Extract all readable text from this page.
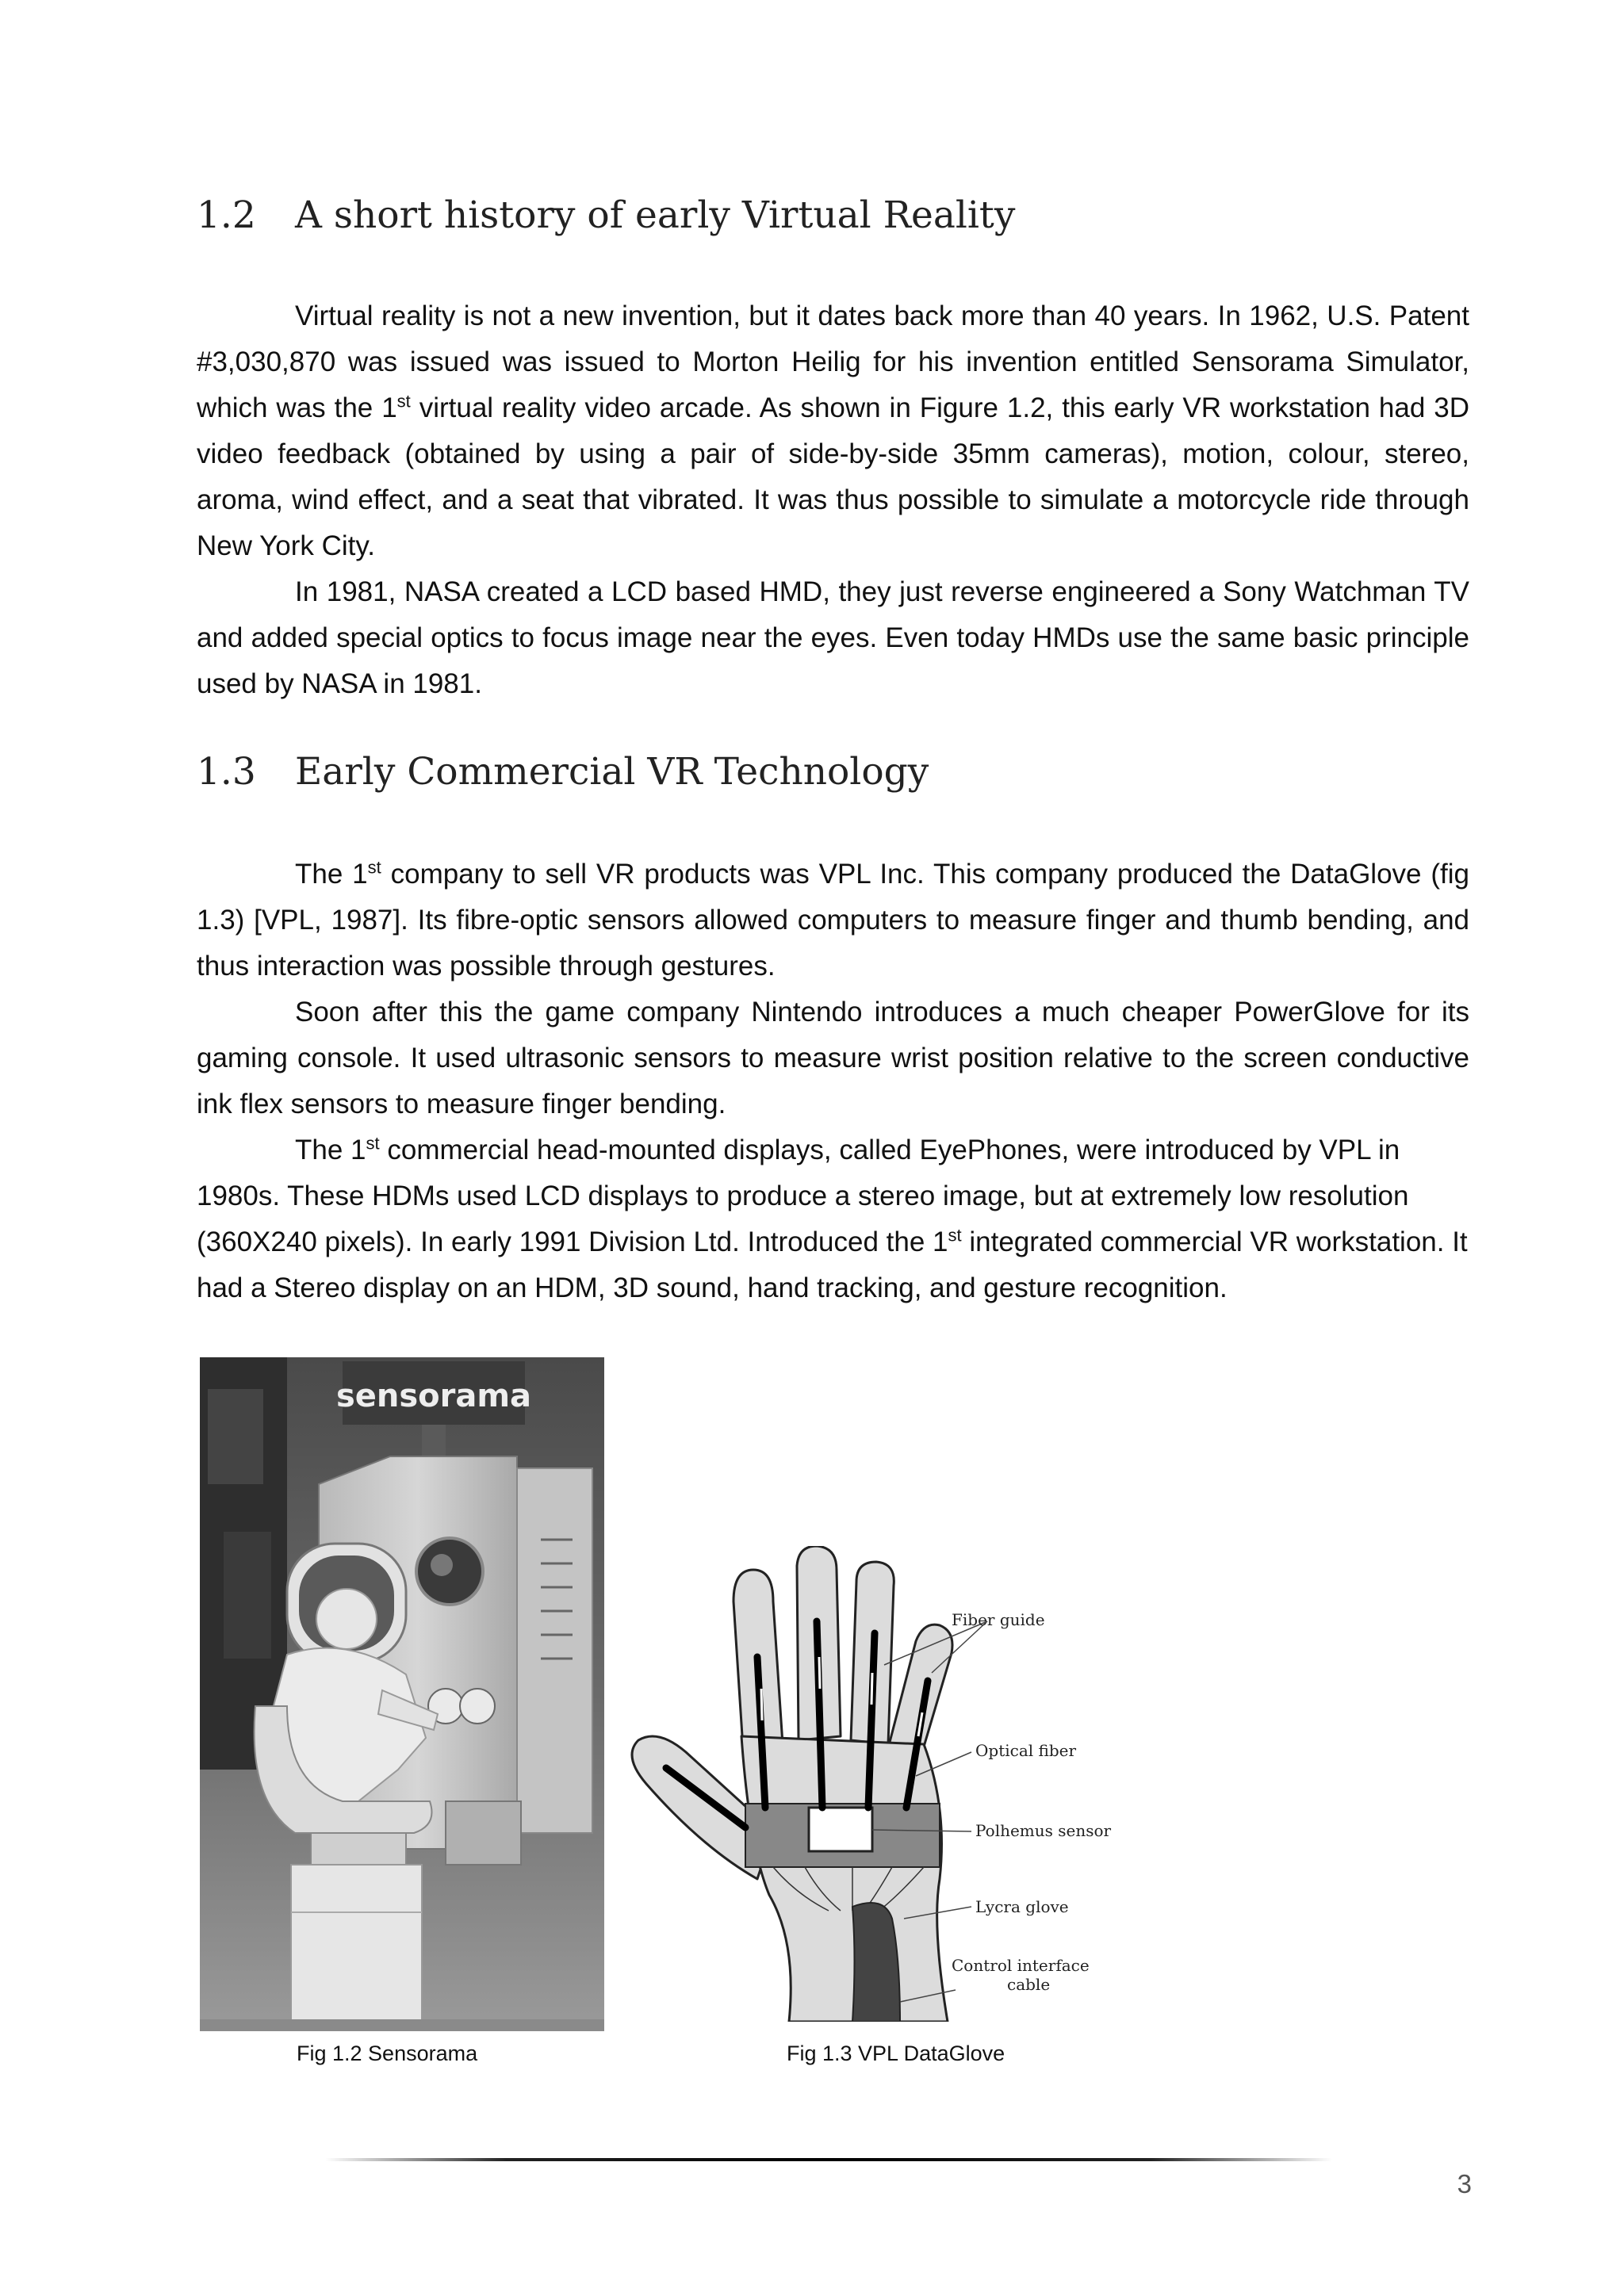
1.2 A short history of early Virtual Reality

Virtual reality is not a new invention, but it dates back more than 40 years. In 1962, U.S. Patent #3,030,870 was issued was issued to Morton Heilig for his invention entitled Sensorama Simulator, which was the 1st virtual reality video arcade. As shown in Figure 1.2, this early VR workstation had 3D video feedback (obtained by using a pair of side-by-side 35mm cameras), motion, colour, stereo, aroma, wind effect, and a seat that vibrated. It was thus possible to simulate a motorcycle ride through New York City.

In 1981, NASA created a LCD based HMD, they just reverse engineered a Sony Watchman TV and added special optics to focus image near the eyes. Even today HMDs use the same basic principle used by NASA in 1981.

1.3 Early Commercial VR Technology

The 1st company to sell VR products was VPL Inc. This company produced the DataGlove (fig 1.3) [VPL, 1987]. Its fibre-optic sensors allowed computers to measure finger and thumb bending, and thus interaction was possible through gestures.

Soon after this the game company Nintendo introduces a much cheaper PowerGlove for its gaming console. It used ultrasonic sensors to measure wrist position relative to the screen conductive ink flex sensors to measure finger bending.

The 1st commercial head-mounted displays, called EyePhones, were introduced by VPL in 1980s. These HDMs used LCD displays to produce a stereo image, but at extremely low resolution (360X240 pixels). In early 1991 Division Ltd. Introduced the 1st integrated commercial VR workstation. It had a Stereo display on an HDM, 3D sound, hand tracking, and gesture recognition.

sensorama
Fig 1.2 Sensorama
Fiber guide
Optical fiber
Polhemus sensor
Lycra glove
Control interface
cable
Fig 1.3 VPL DataGlove
3
